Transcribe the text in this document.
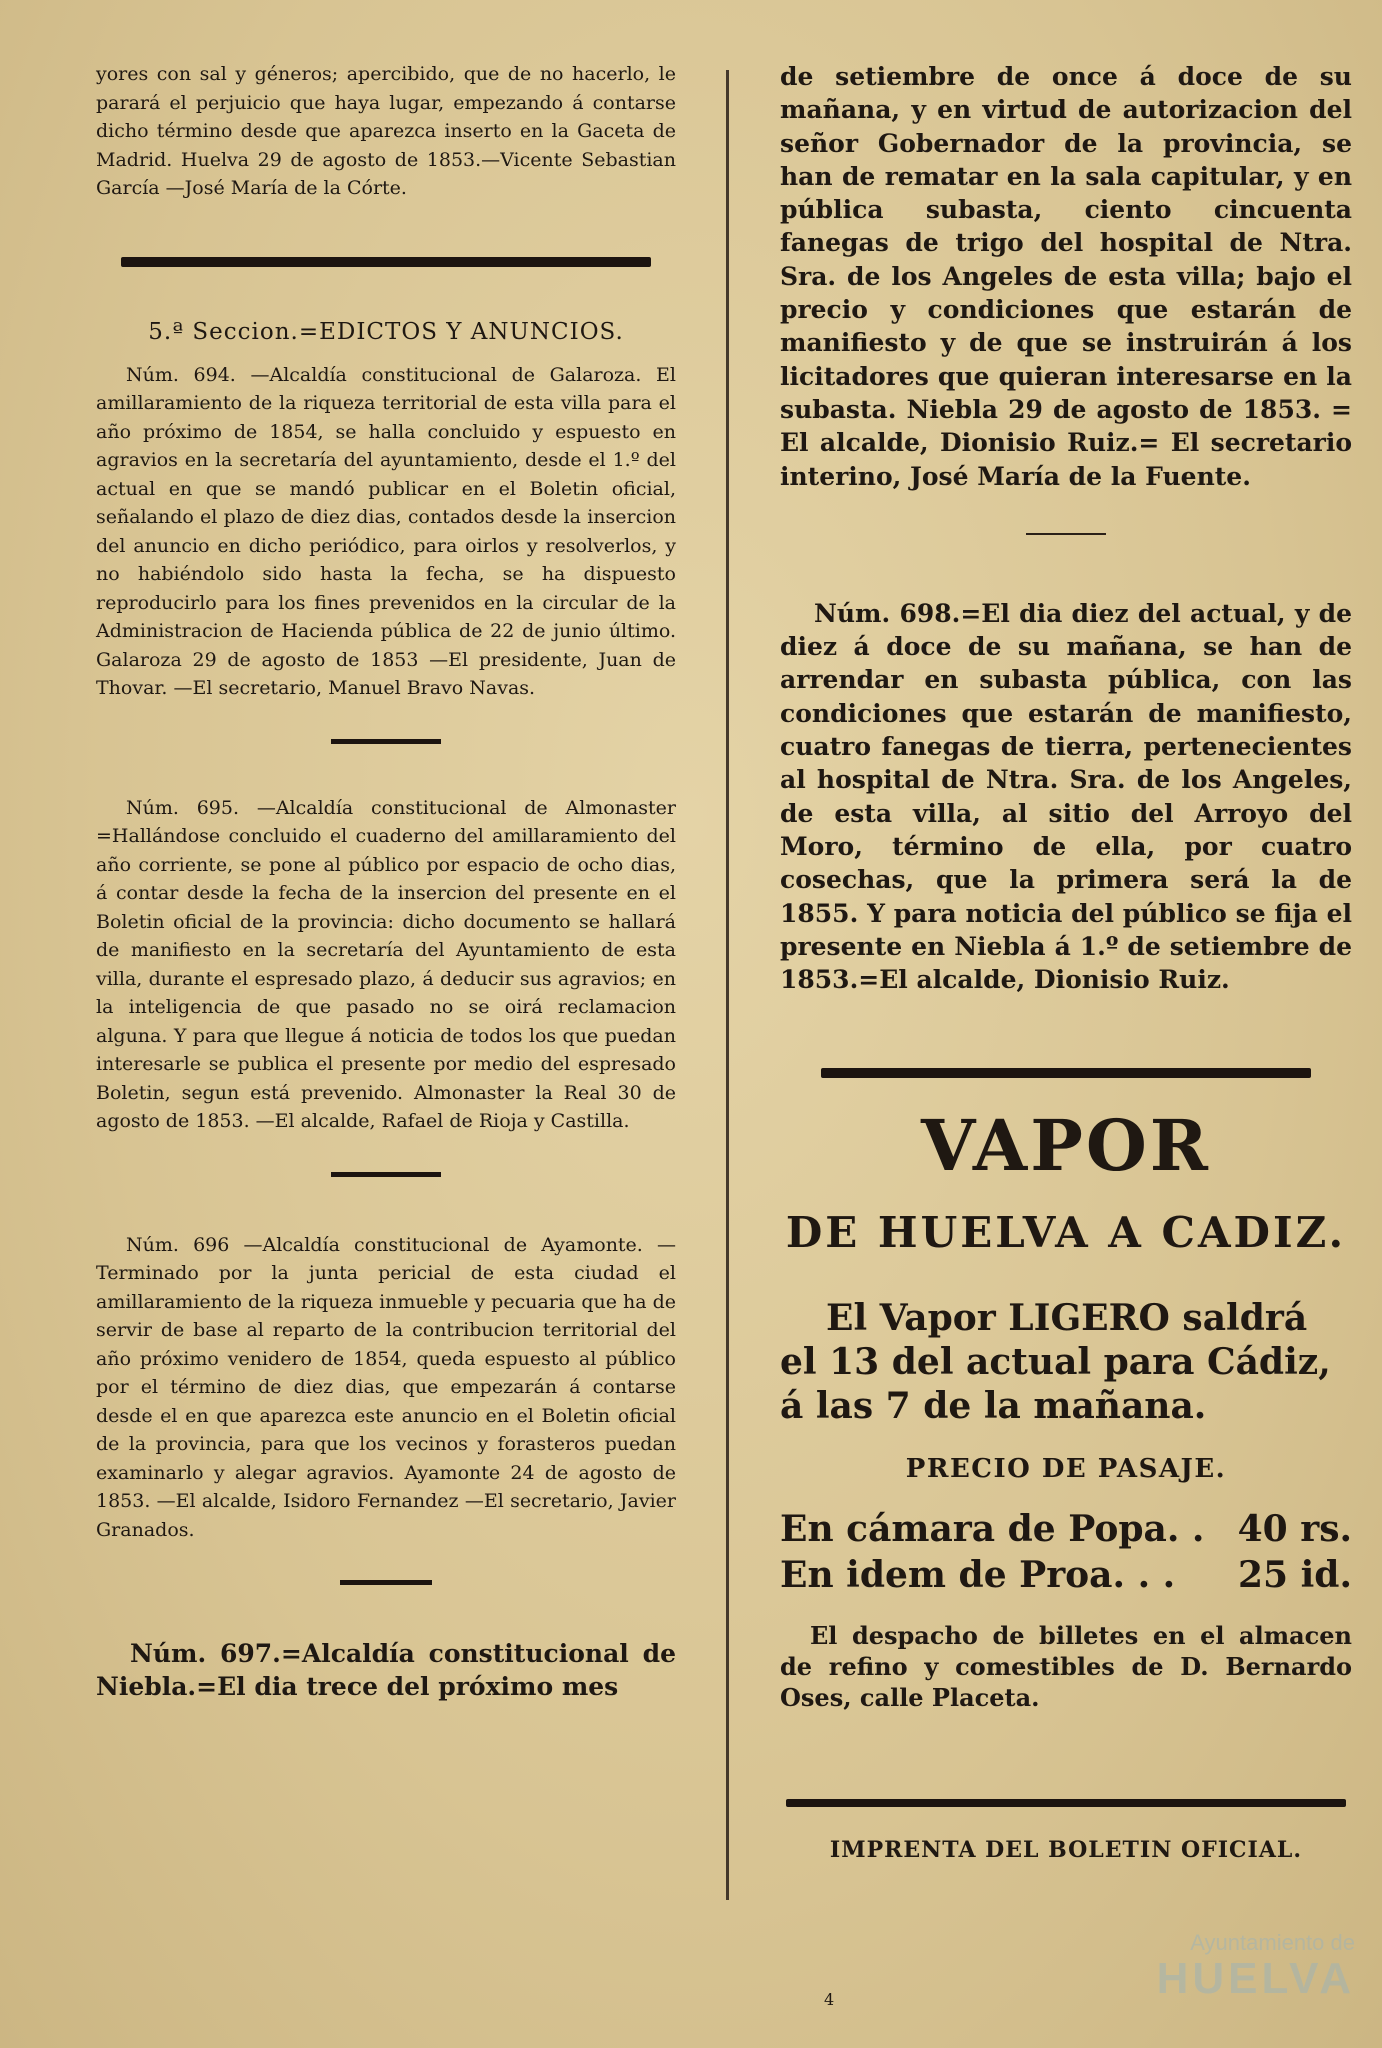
yores con sal y géneros; apercibido, que de no hacerlo, le parará el perjuicio que haya lugar, empezando á contarse dicho término desde que aparezca inserto en la Gaceta de Madrid. Huelva 29 de agosto de 1853.—Vicente Sebastian García —José María de la Córte.

5.ª Seccion.=EDICTOS Y ANUNCIOS.

Núm. 694. —Alcaldía constitucional de Galaroza. El amillaramiento de la riqueza territorial de esta villa para el año próximo de 1854, se halla concluido y espuesto en agravios en la secretaría del ayuntamiento, desde el 1.º del actual en que se mandó publicar en el Boletin oficial, señalando el plazo de diez dias, contados desde la insercion del anuncio en dicho periódico, para oirlos y resolverlos, y no habiéndolo sido hasta la fecha, se ha dispuesto reproducirlo para los fines prevenidos en la circular de la Administracion de Hacienda pública de 22 de junio último. Galaroza 29 de agosto de 1853 —El presidente, Juan de Thovar. —El secretario, Manuel Bravo Navas.

Núm. 695. —Alcaldía constitucional de Almonaster =Hallándose concluido el cuaderno del amillaramiento del año corriente, se pone al público por espacio de ocho dias, á contar desde la fecha de la insercion del presente en el Boletin oficial de la provincia: dicho documento se hallará de manifiesto en la secretaría del Ayuntamiento de esta villa, durante el espresado plazo, á deducir sus agravios; en la inteligencia de que pasado no se oirá reclamacion alguna. Y para que llegue á noticia de todos los que puedan interesarle se publica el presente por medio del espresado Boletin, segun está prevenido. Almonaster la Real 30 de agosto de 1853. —El alcalde, Rafael de Rioja y Castilla.

Núm. 696 —Alcaldía constitucional de Ayamonte. —Terminado por la junta pericial de esta ciudad el amillaramiento de la riqueza inmueble y pecuaria que ha de servir de base al reparto de la contribucion territorial del año próximo venidero de 1854, queda espuesto al público por el término de diez dias, que empezarán á contarse desde el en que aparezca este anuncio en el Boletin oficial de la provincia, para que los vecinos y forasteros puedan examinarlo y alegar agravios. Ayamonte 24 de agosto de 1853. —El alcalde, Isidoro Fernandez —El secretario, Javier Granados.

Núm. 697.=Alcaldía constitucional de Niebla.=El dia trece del próximo mes

de setiembre de once á doce de su mañana, y en virtud de autorizacion del señor Gobernador de la provincia, se han de rematar en la sala capitular, y en pública subasta, ciento cincuenta fanegas de trigo del hospital de Ntra. Sra. de los Angeles de esta villa; bajo el precio y condiciones que estarán de manifiesto y de que se instruirán á los licitadores que quieran interesarse en la subasta. Niebla 29 de agosto de 1853. = El alcalde, Dionisio Ruiz.= El secretario interino, José María de la Fuente.

Núm. 698.=El dia diez del actual, y de diez á doce de su mañana, se han de arrendar en subasta pública, con las condiciones que estarán de manifiesto, cuatro fanegas de tierra, pertenecientes al hospital de Ntra. Sra. de los Angeles, de esta villa, al sitio del Arroyo del Moro, término de ella, por cuatro cosechas, que la primera será la de 1855. Y para noticia del público se fija el presente en Niebla á 1.º de setiembre de 1853.=El alcalde, Dionisio Ruiz.

VAPOR
DE HUELVA A CADIZ.

El Vapor LIGERO saldrá el 13 del actual para Cádiz, á las 7 de la mañana.

PRECIO DE PASAJE.
En cámara de Popa. . 40 rs.
En idem de Proa. . . 25 id.

El despacho de billetes en el almacen de refino y comestibles de D. Bernardo Oses, calle Placeta.

IMPRENTA DEL BOLETIN OFICIAL.
4
Ayuntamiento de
HUELVA
